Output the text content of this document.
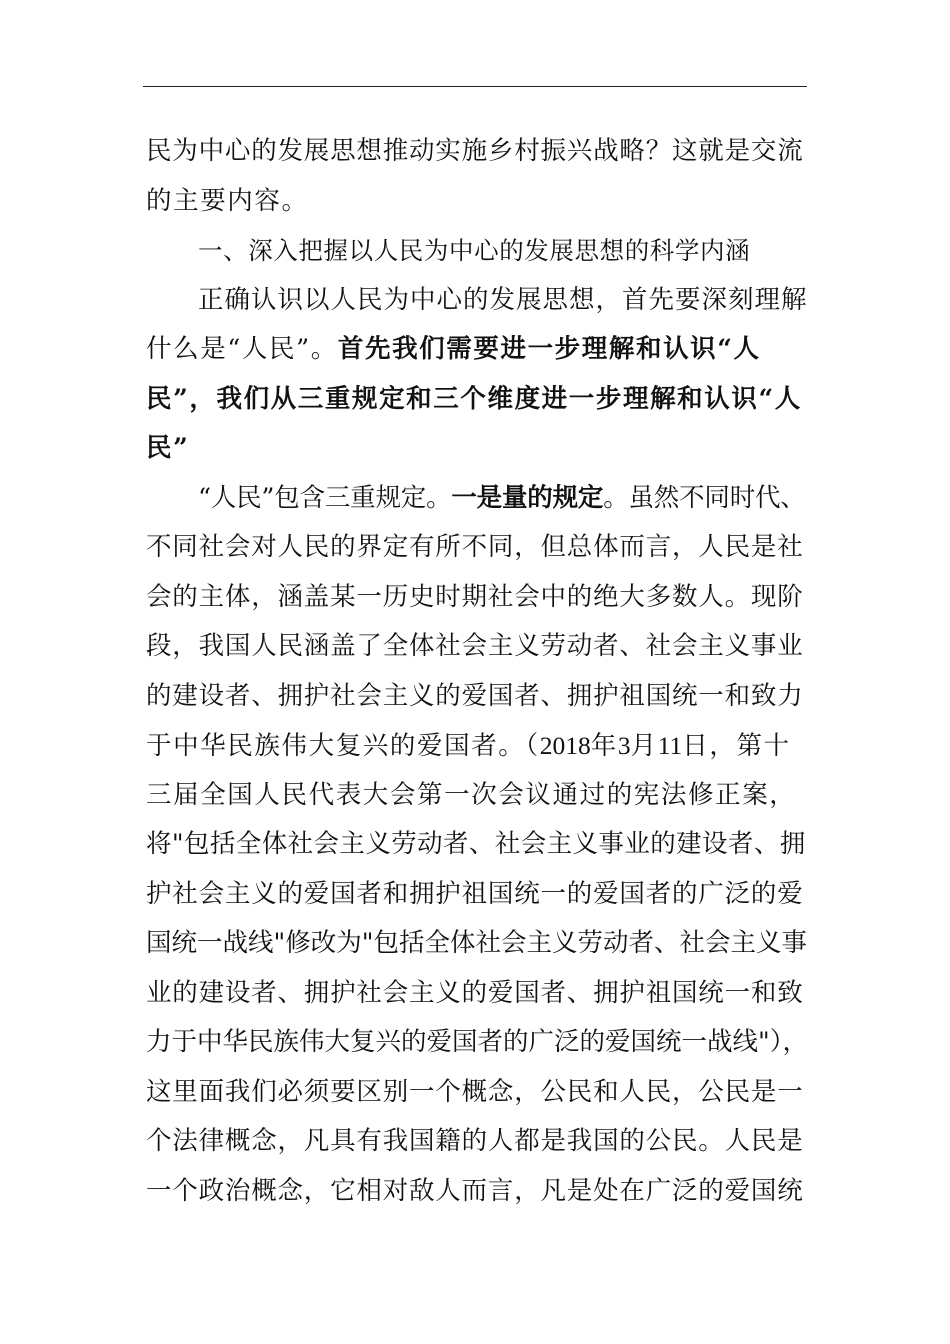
民为中心的发展思想推动实施乡村振兴战略？这就是交流
的主要内容。
一、深入把握以人民为中心的发展思想的科学内涵
正确认识以人民为中心的发展思想，首先要深刻理解
什么是“人民”。首先我们需要进一步理解和认识“人
民”，我们从三重规定和三个维度进一步理解和认识“人
民”
“人民”包含三重规定。一是量的规定。虽然不同时代、
不同社会对人民的界定有所不同，但总体而言，人民是社
会的主体，涵盖某一历史时期社会中的绝大多数人。现阶
段，我国人民涵盖了全体社会主义劳动者、社会主义事业
的建设者、拥护社会主义的爱国者、拥护祖国统一和致力
于中华民族伟大复兴的爱国者。（2018年3月11日，第十
三届全国人民代表大会第一次会议通过的宪法修正案，
将"包括全体社会主义劳动者、社会主义事业的建设者、拥
护社会主义的爱国者和拥护祖国统一的爱国者的广泛的爱
国统一战线"修改为"包括全体社会主义劳动者、社会主义事
业的建设者、拥护社会主义的爱国者、拥护祖国统一和致
力于中华民族伟大复兴的爱国者的广泛的爱国统一战线"），
这里面我们必须要区别一个概念，公民和人民，公民是一
个法律概念，凡具有我国籍的人都是我国的公民。人民是
一个政治概念，它相对敌人而言，凡是处在广泛的爱国统
